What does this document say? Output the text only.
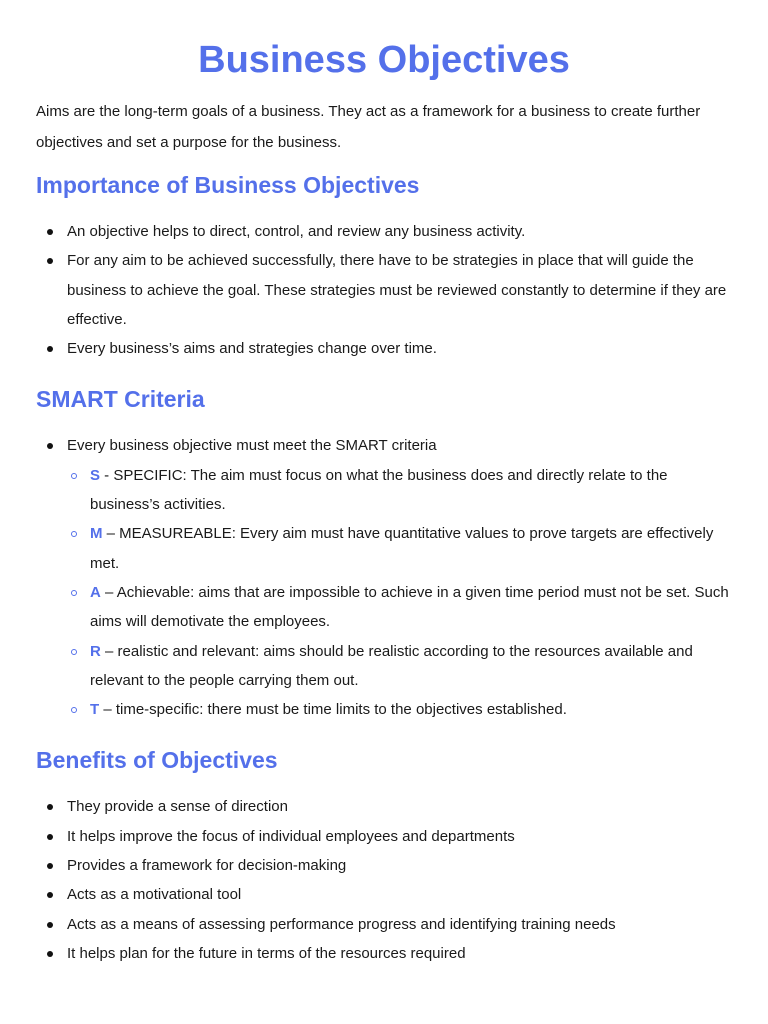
Business Objectives

Aims are the long-term goals of a business. They act as a framework for a business to create further objectives and set a purpose for the business.

Importance of Business Objectives
An objective helps to direct, control, and review any business activity.
For any aim to be achieved successfully, there have to be strategies in place that will guide the business to achieve the goal. These strategies must be reviewed constantly to determine if they are effective.
Every business’s aims and strategies change over time.
SMART Criteria
Every business objective must meet the SMART criteria
S - SPECIFIC: The aim must focus on what the business does and directly relate to the business’s activities.
M – MEASUREABLE: Every aim must have quantitative values to prove targets are effectively met.
A – Achievable: aims that are impossible to achieve in a given time period must not be set. Such aims will demotivate the employees.
R – realistic and relevant: aims should be realistic according to the resources available and relevant to the people carrying them out.
T – time-specific: there must be time limits to the objectives established.
Benefits of Objectives
They provide a sense of direction
It helps improve the focus of individual employees and departments
Provides a framework for decision-making
Acts as a motivational tool
Acts as a means of assessing performance progress and identifying training needs
It helps plan for the future in terms of the resources required
